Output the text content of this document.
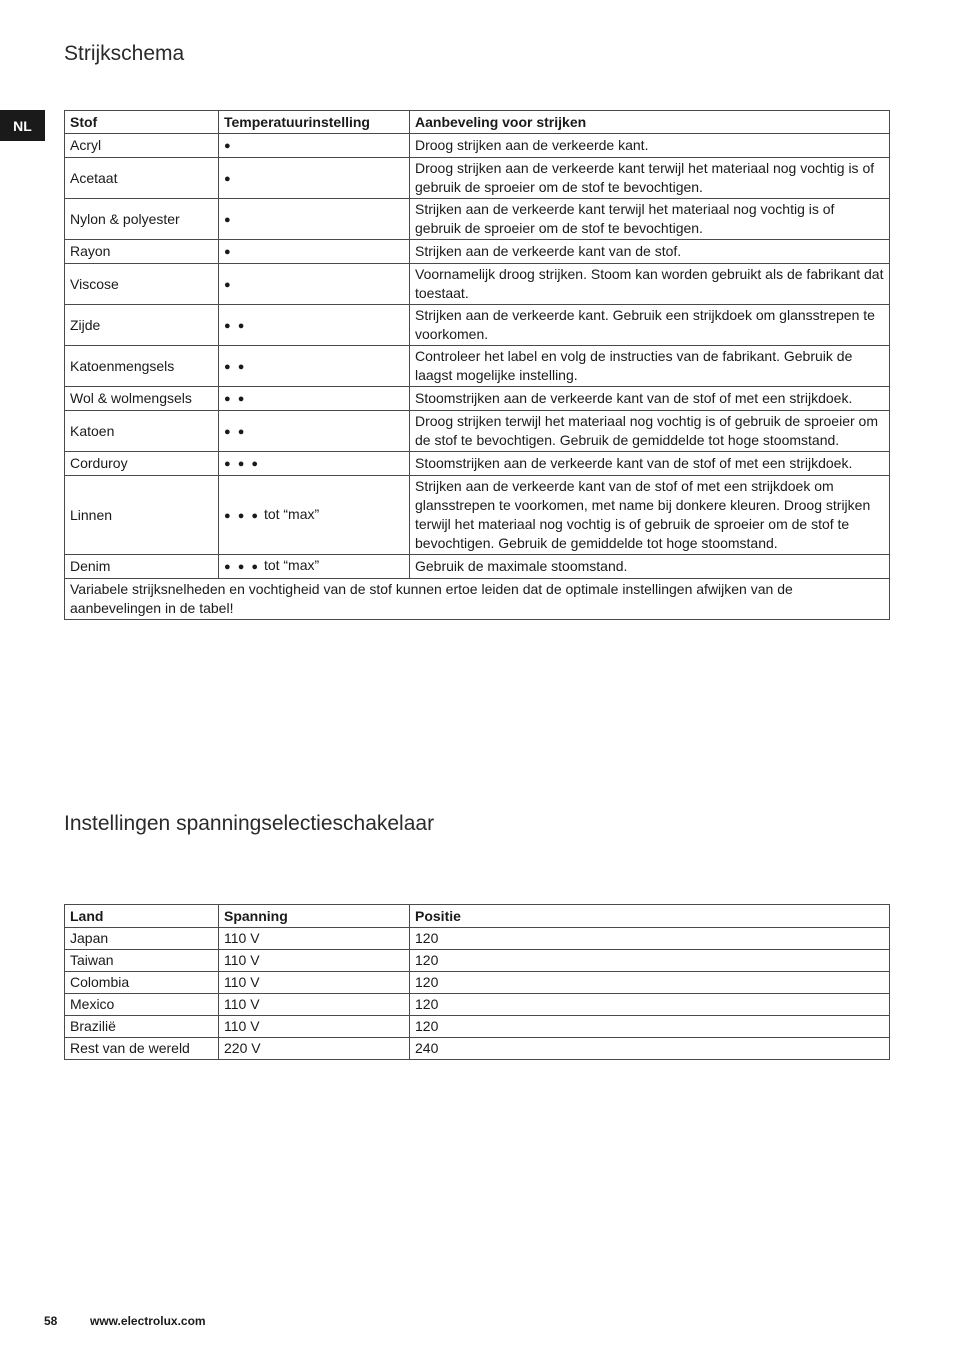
Strijkschema
NL	Stof	Temperatuurinstelling	Aanbeveling voor strijken
Acryl	●	Droog strijken aan de verkeerde kant.
Acetaat	●	Droog strijken aan de verkeerde kant terwijl het materiaal nog vochtig is of gebruik de sproeier om de stof te bevochtigen.
Nylon & polyester	●	Strijken aan de verkeerde kant terwijl het materiaal nog vochtig is of gebruik de sproeier om de stof te bevochtigen.
Rayon	●	Strijken aan de verkeerde kant van de stof.
Viscose	●	Voornamelijk droog strijken. Stoom kan worden gebruikt als de fabrikant dat toestaat.
Zijde	● ●	Strijken aan de verkeerde kant. Gebruik een strijkdoek om glansstrepen te voorkomen.
Katoenmengsels	● ●	Controleer het label en volg de instructies van de fabrikant. Gebruik de laagst mogelijke instelling.
Wol & wolmengsels	● ●	Stoomstrijken aan de verkeerde kant van de stof of met een strijkdoek.
Katoen	● ●	Droog strijken terwijl het materiaal nog vochtig is of gebruik de sproeier om de stof te bevochtigen. Gebruik de gemiddelde tot hoge stoomstand.
Corduroy	● ● ●	Stoomstrijken aan de verkeerde kant van de stof of met een strijkdoek.
Linnen	● ● ● tot “max”	Strijken aan de verkeerde kant van de stof of met een strijkdoek om glansstrepen te voorkomen, met name bij donkere kleuren. Droog strijken terwijl het materiaal nog vochtig is of gebruik de sproeier om de stof te bevochtigen. Gebruik de gemiddelde tot hoge stoomstand.
Denim	● ● ● tot “max”	Gebruik de maximale stoomstand.
Variabele strijksnelheden en vochtigheid van de stof kunnen ertoe leiden dat de optimale instellingen afwijken van de aanbevelingen in de tabel!		
Instellingen spanningselectieschakelaar
Land	Spanning	Positie
Japan	110 V	120
Taiwan	110 V	120
Colombia	110 V	120
Mexico	110 V	120
Brazilië	110 V	120
Rest van de wereld	220 V	240
58	www.electrolux.com
